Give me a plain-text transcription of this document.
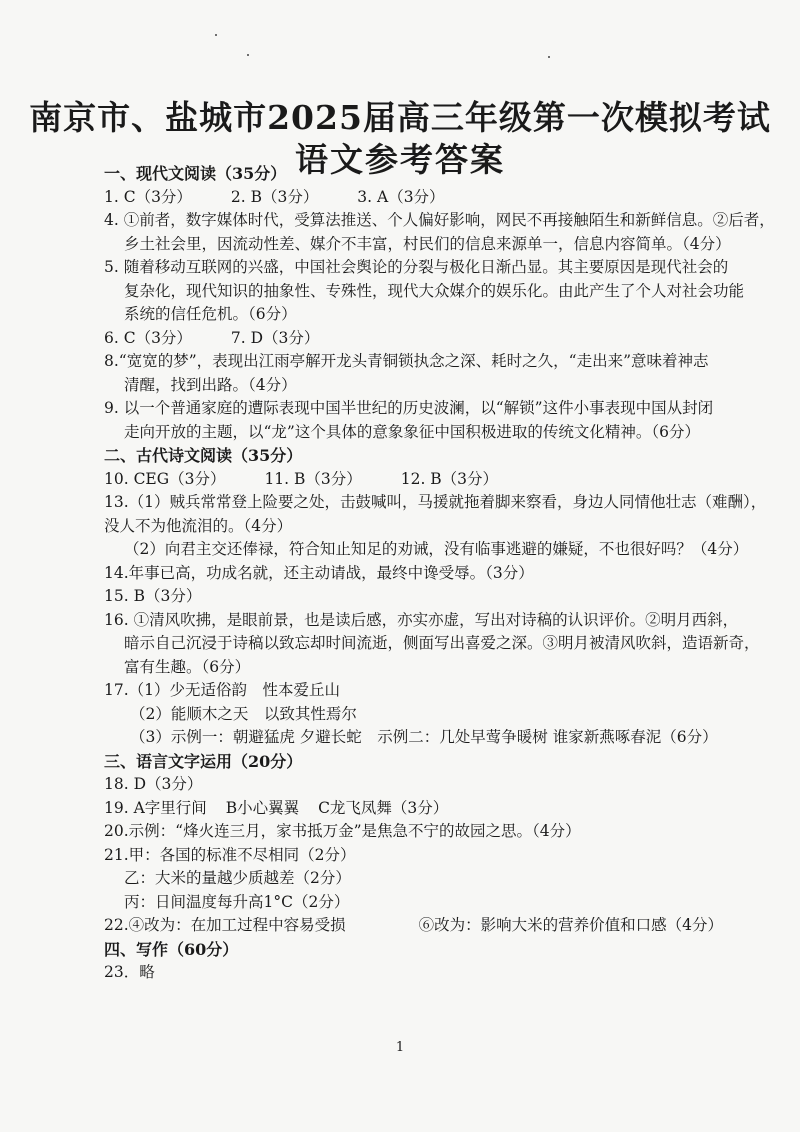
南京市、盐城市2025届高三年级第一次模拟考试
语文参考答案
一、现代文阅读（35分）
1. C（3分）	2. B（3分）	3. A（3分）
4. ①前者，数字媒体时代，受算法推送、个人偏好影响，网民不再接触陌生和新鲜信息。②后者，
乡土社会里，因流动性差、媒介不丰富，村民们的信息来源单一，信息内容简单。（4分）
5. 随着移动互联网的兴盛，中国社会舆论的分裂与极化日渐凸显。其主要原因是现代社会的
复杂化，现代知识的抽象性、专殊性，现代大众媒介的娱乐化。由此产生了个人对社会功能
系统的信任危机。（6分）
6. C（3分）	7. D（3分）
8.“宽宽的梦”，表现出江雨亭解开龙头青铜锁执念之深、耗时之久，“走出来”意味着神志
清醒，找到出路。（4分）
9. 以一个普通家庭的遭际表现中国半世纪的历史波澜，以“解锁”这件小事表现中国从封闭
走向开放的主题，以“龙”这个具体的意象象征中国积极进取的传统文化精神。（6分）
二、古代诗文阅读（35分）
10. CEG（3分）	11. B（3分）	12. B（3分）
13.（1）贼兵常常登上险要之处，击鼓喊叫，马援就拖着脚来察看，身边人同情他壮志（难酬），
没人不为他流泪的。（4分）
（2）向君主交还俸禄，符合知止知足的劝诫，没有临事逃避的嫌疑，不也很好吗？（4分）
14.年事已高，功成名就，还主动请战，最终中谗受辱。（3分）
15. B（3分）
16. ①清风吹拂，是眼前景，也是读后感，亦实亦虚，写出对诗稿的认识评价。②明月西斜，
暗示自己沉浸于诗稿以致忘却时间流逝，侧面写出喜爱之深。③明月被清风吹斜，造语新奇，
富有生趣。（6分）
17.（1）少无适俗韵　性本爱丘山
（2）能顺木之天　以致其性焉尔
（3）示例一：朝避猛虎 夕避长蛇　示例二：几处早莺争暖树 谁家新燕啄春泥（6分）
三、语言文字运用（20分）
18. D（3分）
19. A字里行间 B小心翼翼 C龙飞凤舞（3分）
20.示例：“烽火连三月，家书抵万金”是焦急不宁的故园之思。（4分）
21.甲：各国的标准不尽相同（2分）
乙：大米的量越少质越差（2分）
丙：日间温度每升高1°C（2分）
22.④改为：在加工过程中容易受损	⑥改为：影响大米的营养价值和口感（4分）
四、写作（60分）
23．略
1
